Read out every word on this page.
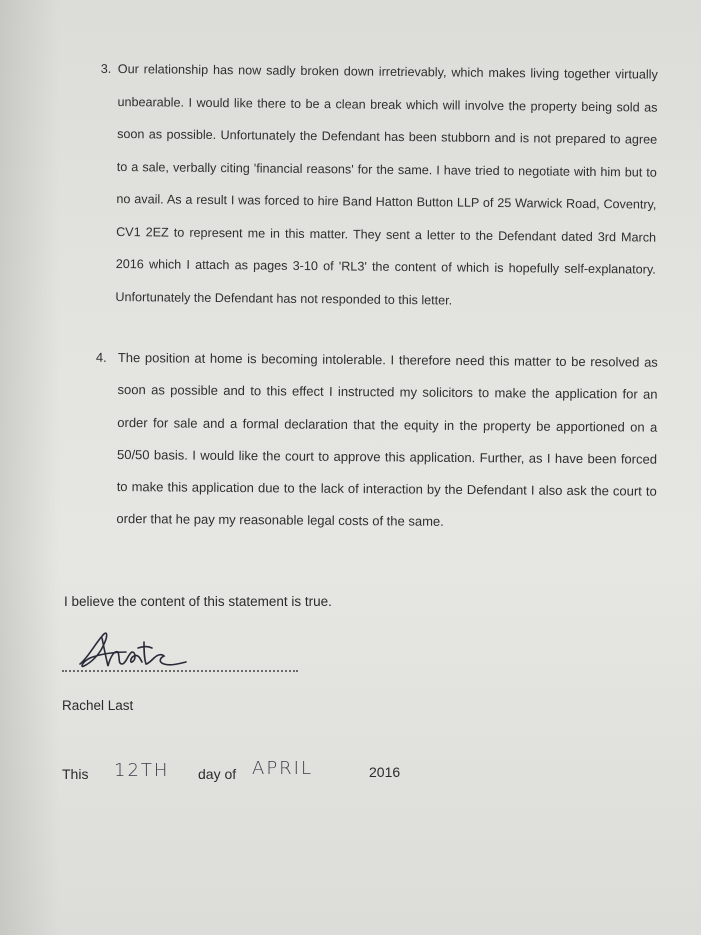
3. Our relationship has now sadly broken down irretrievably, which makes living together virtually unbearable. I would like there to be a clean break which will involve the property being sold as soon as possible. Unfortunately the Defendant has been stubborn and is not prepared to agree to a sale, verbally citing 'financial reasons' for the same. I have tried to negotiate with him but to no avail. As a result I was forced to hire Band Hatton Button LLP of 25 Warwick Road, Coventry, CV1 2EZ to represent me in this matter. They sent a letter to the Defendant dated 3rd March 2016 which I attach as pages 3-10 of 'RL3' the content of which is hopefully self-explanatory. Unfortunately the Defendant has not responded to this letter.
4. The position at home is becoming intolerable. I therefore need this matter to be resolved as soon as possible and to this effect I instructed my solicitors to make the application for an order for sale and a formal declaration that the equity in the property be apportioned on a 50/50 basis. I would like the court to approve this application. Further, as I have been forced to make this application due to the lack of interaction by the Defendant I also ask the court to order that he pay my reasonable legal costs of the same.
I believe the content of this statement is true.
Rachel Last
This 12TH day of APRIL	2016
